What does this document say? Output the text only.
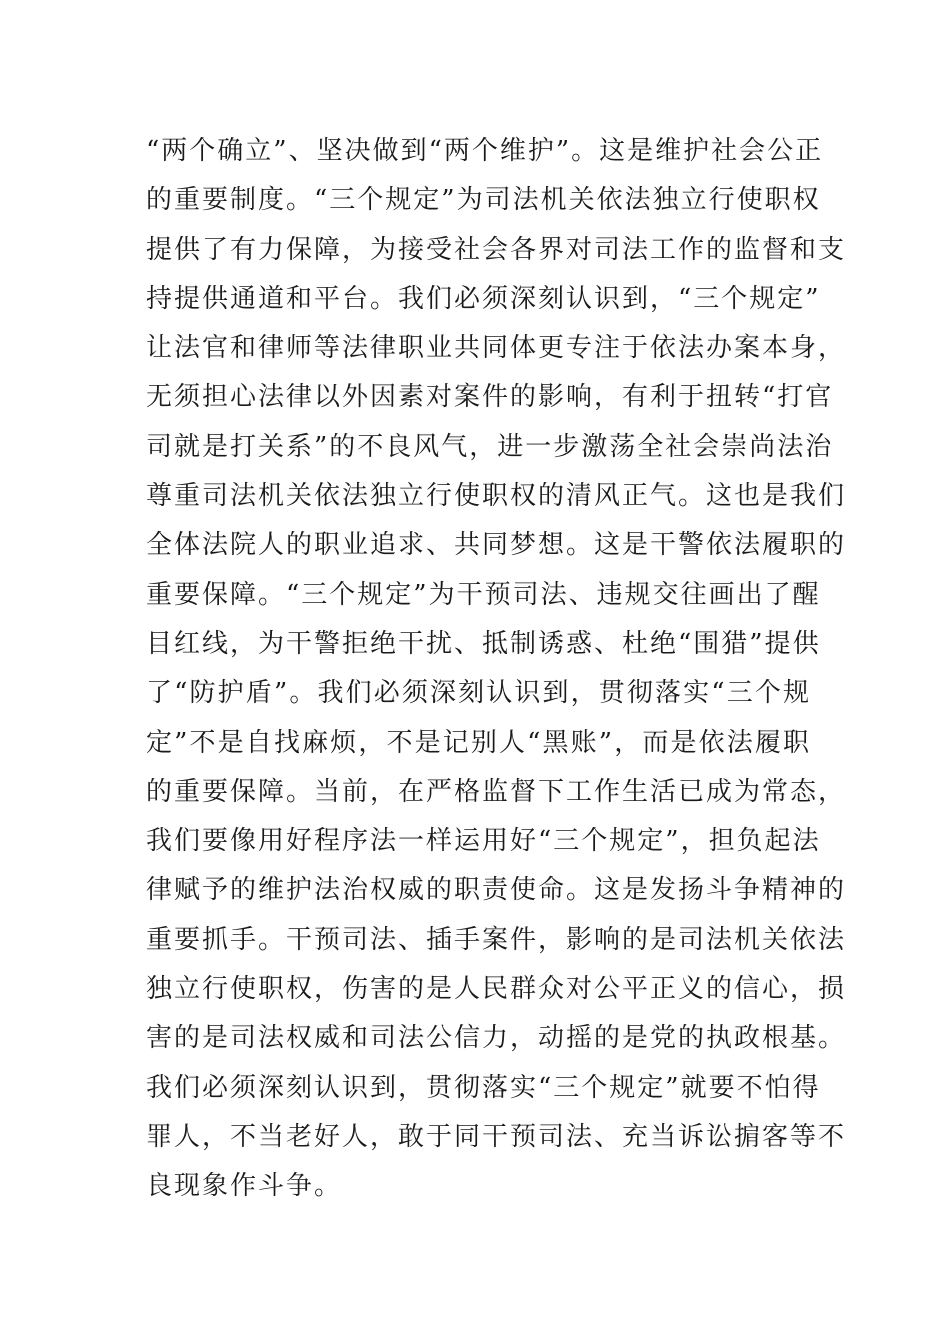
“两个确立”、坚决做到“两个维护”。这是维护社会公正
的重要制度。“三个规定”为司法机关依法独立行使职权
提供了有力保障，为接受社会各界对司法工作的监督和支
持提供通道和平台。我们必须深刻认识到，“三个规定”
让法官和律师等法律职业共同体更专注于依法办案本身，
无须担心法律以外因素对案件的影响，有利于扭转“打官
司就是打关系”的不良风气，进一步激荡全社会崇尚法治
尊重司法机关依法独立行使职权的清风正气。这也是我们
全体法院人的职业追求、共同梦想。这是干警依法履职的
重要保障。“三个规定”为干预司法、违规交往画出了醒
目红线，为干警拒绝干扰、抵制诱惑、杜绝“围猎”提供
了“防护盾”。我们必须深刻认识到，贯彻落实“三个规
定”不是自找麻烦，不是记别人“黑账”，而是依法履职
的重要保障。当前，在严格监督下工作生活已成为常态，
我们要像用好程序法一样运用好“三个规定”，担负起法
律赋予的维护法治权威的职责使命。这是发扬斗争精神的
重要抓手。干预司法、插手案件，影响的是司法机关依法
独立行使职权，伤害的是人民群众对公平正义的信心，损
害的是司法权威和司法公信力，动摇的是党的执政根基。
我们必须深刻认识到，贯彻落实“三个规定”就要不怕得
罪人，不当老好人，敢于同干预司法、充当诉讼掮客等不
良现象作斗争。
